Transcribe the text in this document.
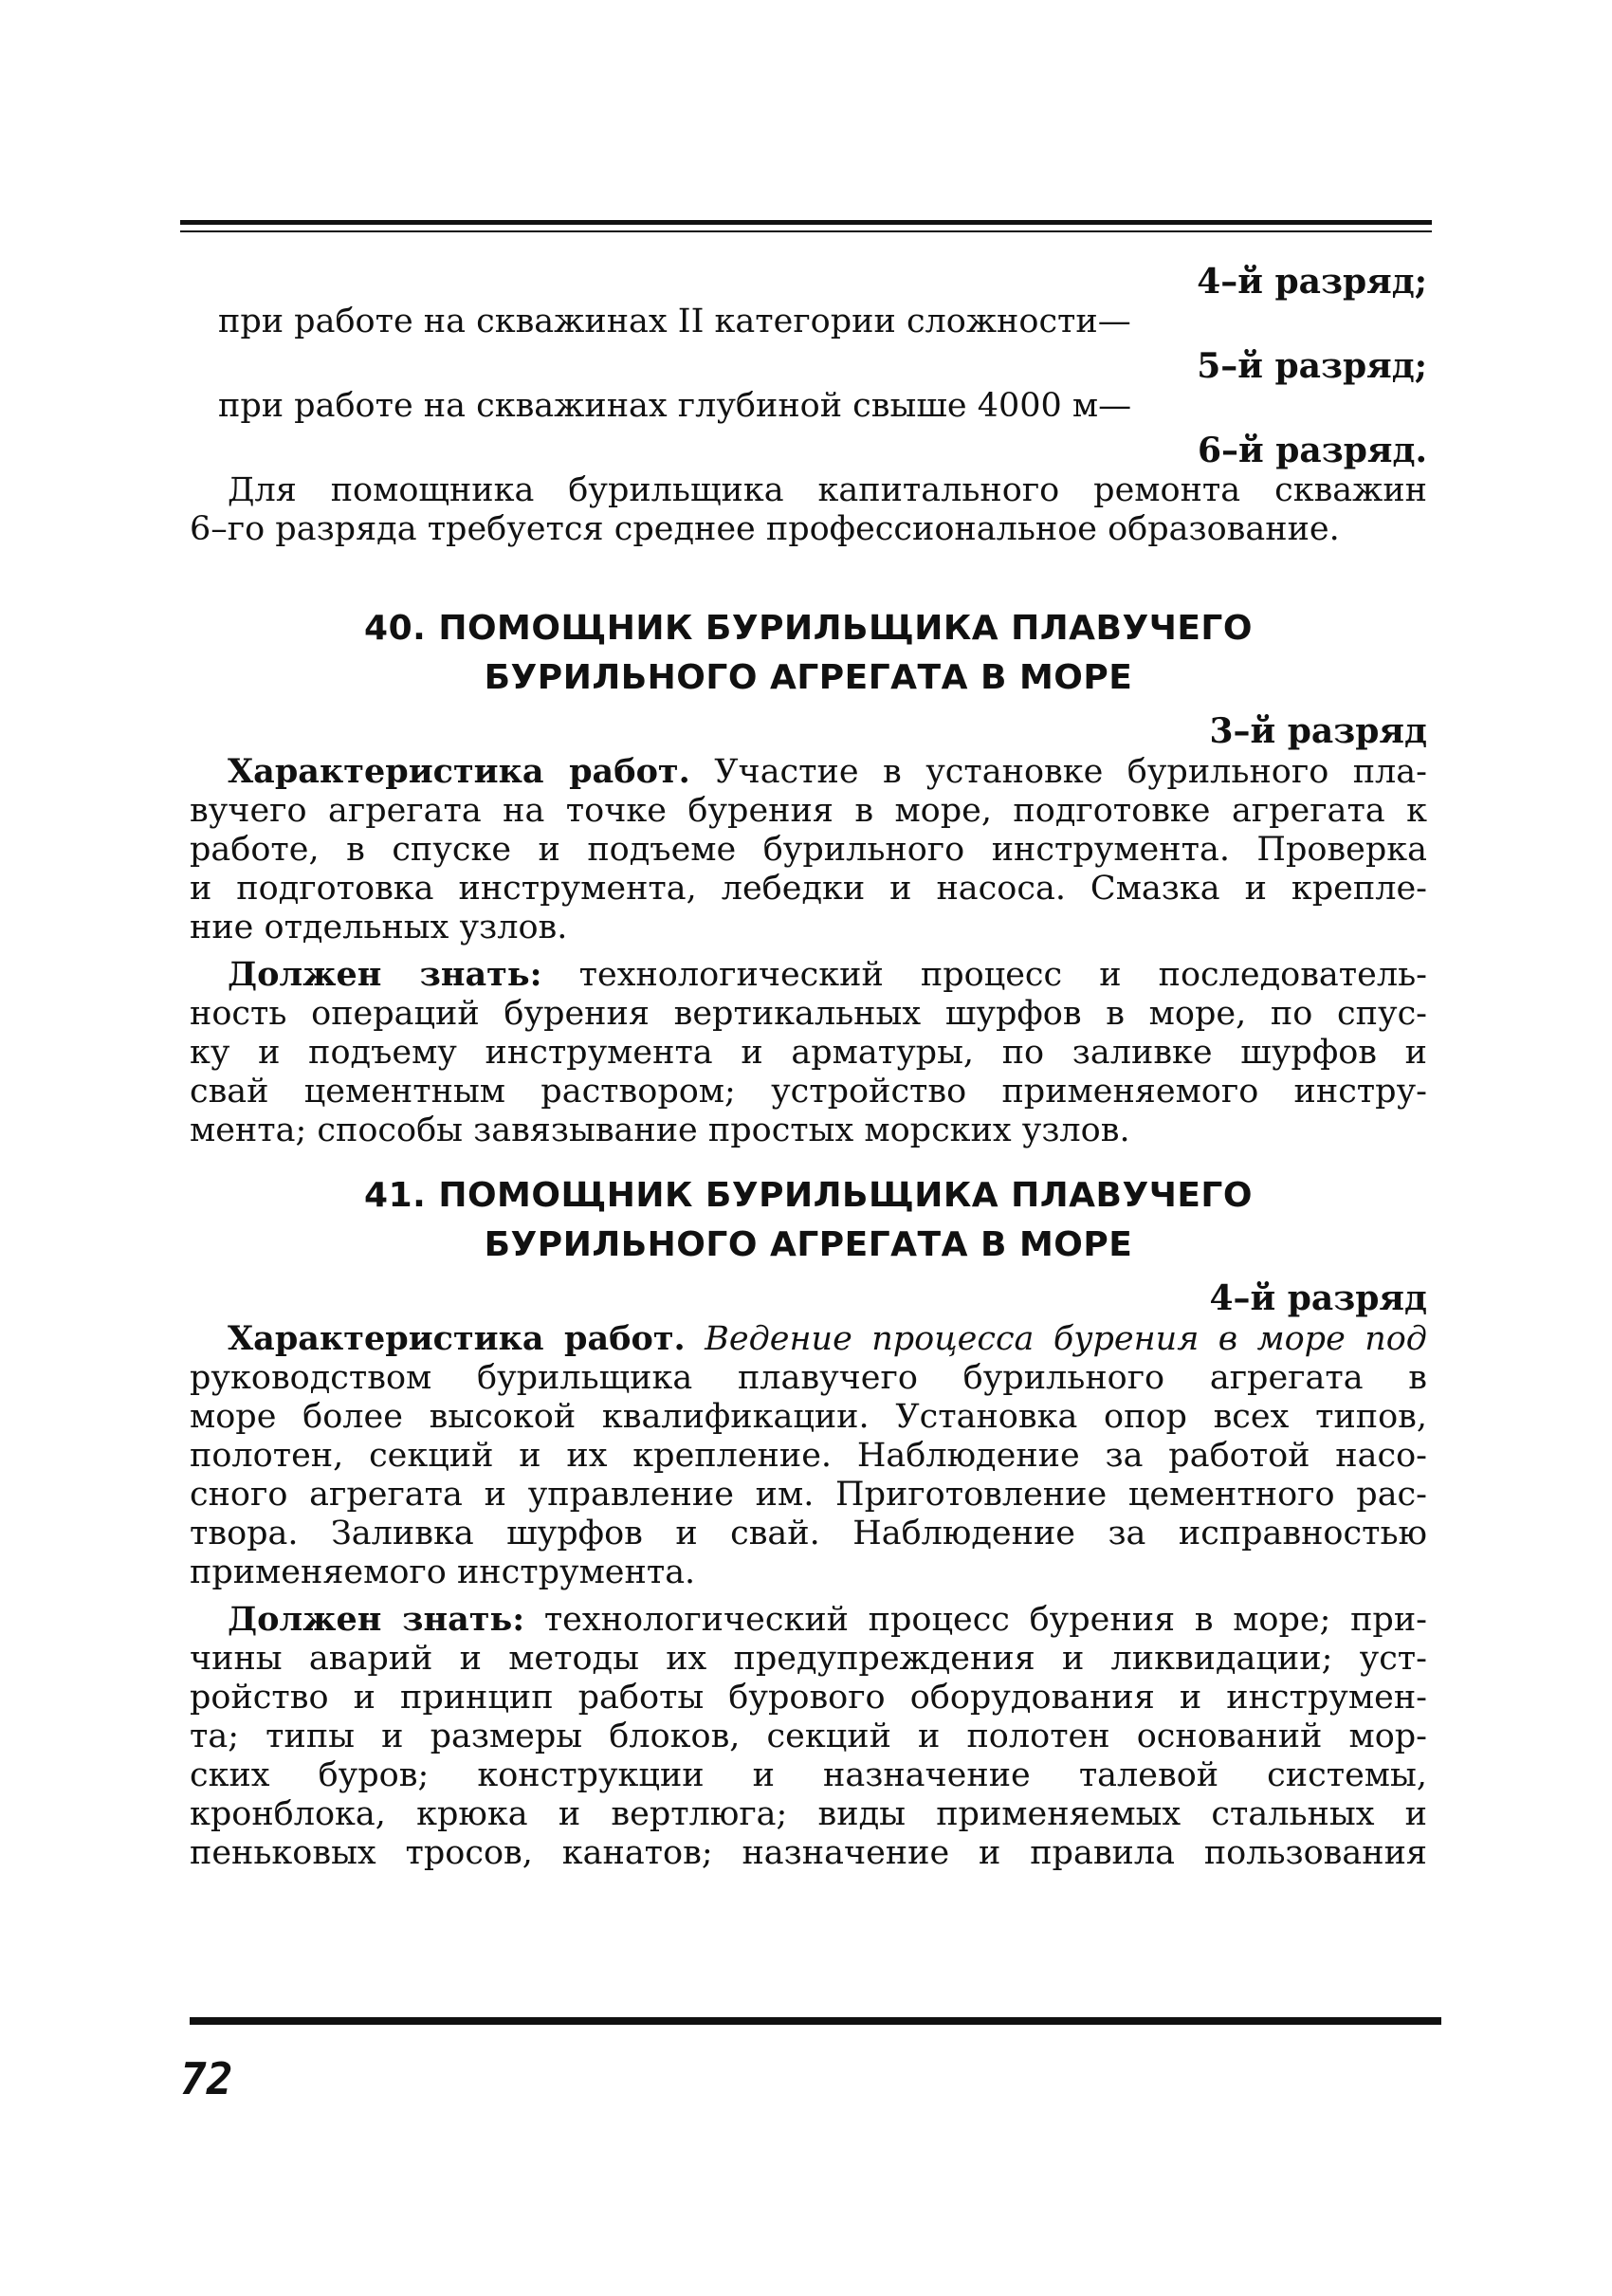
4–й разряд;
при работе на скважинах II категории сложности—
5–й разряд;
при работе на скважинах глубиной свыше 4000 м—
6–й разряд.
Для помощника бурильщика капитального ремонта скважин
6–го разряда требуется среднее профессиональное образование.
40. ПОМОЩНИК БУРИЛЬЩИКА ПЛАВУЧЕГО
БУРИЛЬНОГО АГРЕГАТА В МОРЕ
3–й разряд
Характеристика работ. Участие в установке бурильного пла-
вучего агрегата на точке бурения в море, подготовке агрегата к
работе, в спуске и подъеме бурильного инструмента. Проверка
и подготовка инструмента, лебедки и насоса. Смазка и крепле-
ние отдельных узлов.
Должен знать: технологический процесс и последователь-
ность операций бурения вертикальных шурфов в море, по спус-
ку и подъему инструмента и арматуры, по заливке шурфов и
свай цементным раствором; устройство применяемого инстру-
мента; способы завязывание простых морских узлов.
41. ПОМОЩНИК БУРИЛЬЩИКА ПЛАВУЧЕГО
БУРИЛЬНОГО АГРЕГАТА В МОРЕ
4–й разряд
Характеристика работ. Ведение процесса бурения в море под
руководством бурильщика плавучего бурильного агрегата в
море более высокой квалификации. Установка опор всех типов,
полотен, секций и их крепление. Наблюдение за работой насо-
сного агрегата и управление им. Приготовление цементного рас-
твора. Заливка шурфов и свай. Наблюдение за исправностью
применяемого инструмента.
Должен знать: технологический процесс бурения в море; при-
чины аварий и методы их предупреждения и ликвидации; уст-
ройство и принцип работы бурового оборудования и инструмен-
та; типы и размеры блоков, секций и полотен оснований мор-
ских буров; конструкции и назначение талевой системы,
кронблока, крюка и вертлюга; виды применяемых стальных и
пеньковых тросов, канатов; назначение и правила пользования
72
